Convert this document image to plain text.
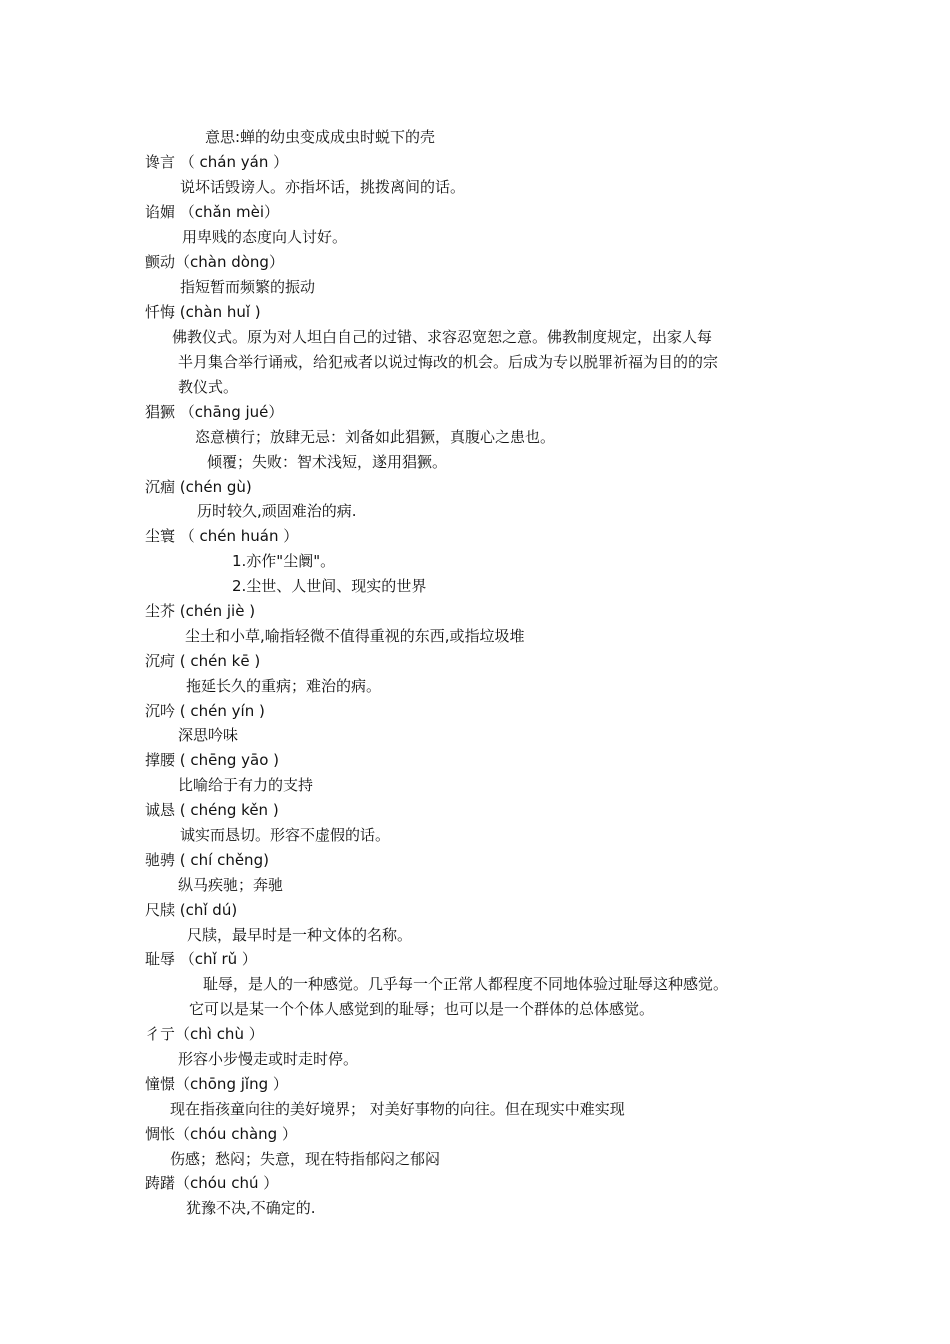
意思:蝉的幼虫变成成虫时蜕下的壳
谗言 （ chán yán ）
说坏话毁谤人。亦指坏话，挑拨离间的话。
谄媚 （chǎn mèi）
用卑贱的态度向人讨好。
颤动（chàn dòng）
指短暂而频繁的振动
忏悔 (chàn huǐ )
佛教仪式。原为对人坦白自己的过错、求容忍宽恕之意。佛教制度规定，出家人每
半月集合举行诵戒，给犯戒者以说过悔改的机会。后成为专以脱罪祈福为目的的宗
教仪式。
猖獗 （chāng jué）
恣意横行；放肆无忌：刘备如此猖獗，真腹心之患也。
倾覆；失败：智术浅短，遂用猖獗。
沉痼 (chén gù)
历时较久,顽固难治的病.
尘寰 （ chén huán ）
1.亦作"尘阛"。
2.尘世、人世间、现实的世界
尘芥 (chén jiè )
尘土和小草,喻指轻微不值得重视的东西,或指垃圾堆
沉疴 ( chén kē )
拖延长久的重病；难治的病。
沉吟 ( chén yín )
深思吟味
撑腰 ( chēng yāo )
比喻给于有力的支持
诚恳 ( chéng kěn )
诚实而恳切。形容不虚假的话。
驰骋 ( chí chěng)
纵马疾驰；奔驰
尺牍 (chǐ dú)
尺牍，最早时是一种文体的名称。
耻辱 （chǐ rǔ ）
耻辱，是人的一种感觉。几乎每一个正常人都程度不同地体验过耻辱这种感觉。
它可以是某一个个体人感觉到的耻辱；也可以是一个群体的总体感觉。
彳亍（chì chù ）
形容小步慢走或时走时停。
憧憬（chōng jǐng ）
现在指孩童向往的美好境界； 对美好事物的向往。但在现实中难实现
惆怅（chóu chàng ）
伤感；愁闷；失意，现在特指郁闷之郁闷
踌躇（chóu chú ）
犹豫不决,不确定的.
